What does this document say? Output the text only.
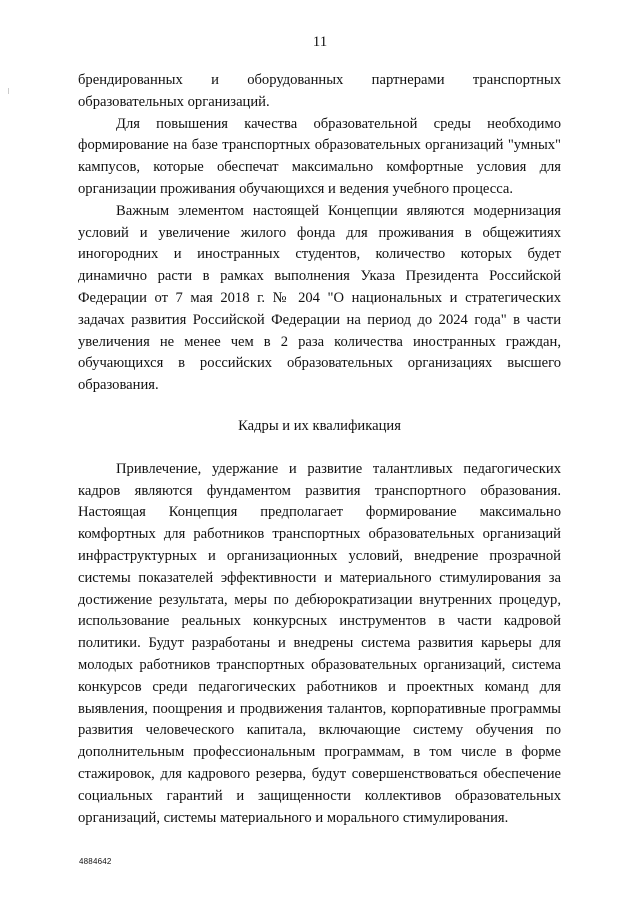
11

брендированных и оборудованных партнерами транспортных образовательных организаций.

Для повышения качества образовательной среды необходимо формирование на базе транспортных образовательных организаций "умных" кампусов, которые обеспечат максимально комфортные условия для организации проживания обучающихся и ведения учебного процесса.

Важным элементом настоящей Концепции являются модернизация условий и увеличение жилого фонда для проживания в общежитиях иногородних и иностранных студентов, количество которых будет динамично расти в рамках выполнения Указа Президента Российской Федерации от 7 мая 2018 г. № 204 "О национальных и стратегических задачах развития Российской Федерации на период до 2024 года" в части увеличения не менее чем в 2 раза количества иностранных граждан, обучающихся в российских образовательных организациях высшего образования.

Кадры и их квалификация

Привлечение, удержание и развитие талантливых педагогических кадров являются фундаментом развития транспортного образования. Настоящая Концепция предполагает формирование максимально комфортных для работников транспортных образовательных организаций инфраструктурных и организационных условий, внедрение прозрачной системы показателей эффективности и материального стимулирования за достижение результата, меры по дебюрократизации внутренних процедур, использование реальных конкурсных инструментов в части кадровой политики. Будут разработаны и внедрены система развития карьеры для молодых работников транспортных образовательных организаций, система конкурсов среди педагогических работников и проектных команд для выявления, поощрения и продвижения талантов, корпоративные программы развития человеческого капитала, включающие систему обучения по дополнительным профессиональным программам, в том числе в форме стажировок, для кадрового резерва, будут совершенствоваться обеспечение социальных гарантий и защищенности коллективов образовательных организаций, системы материального и морального стимулирования.

4884642
